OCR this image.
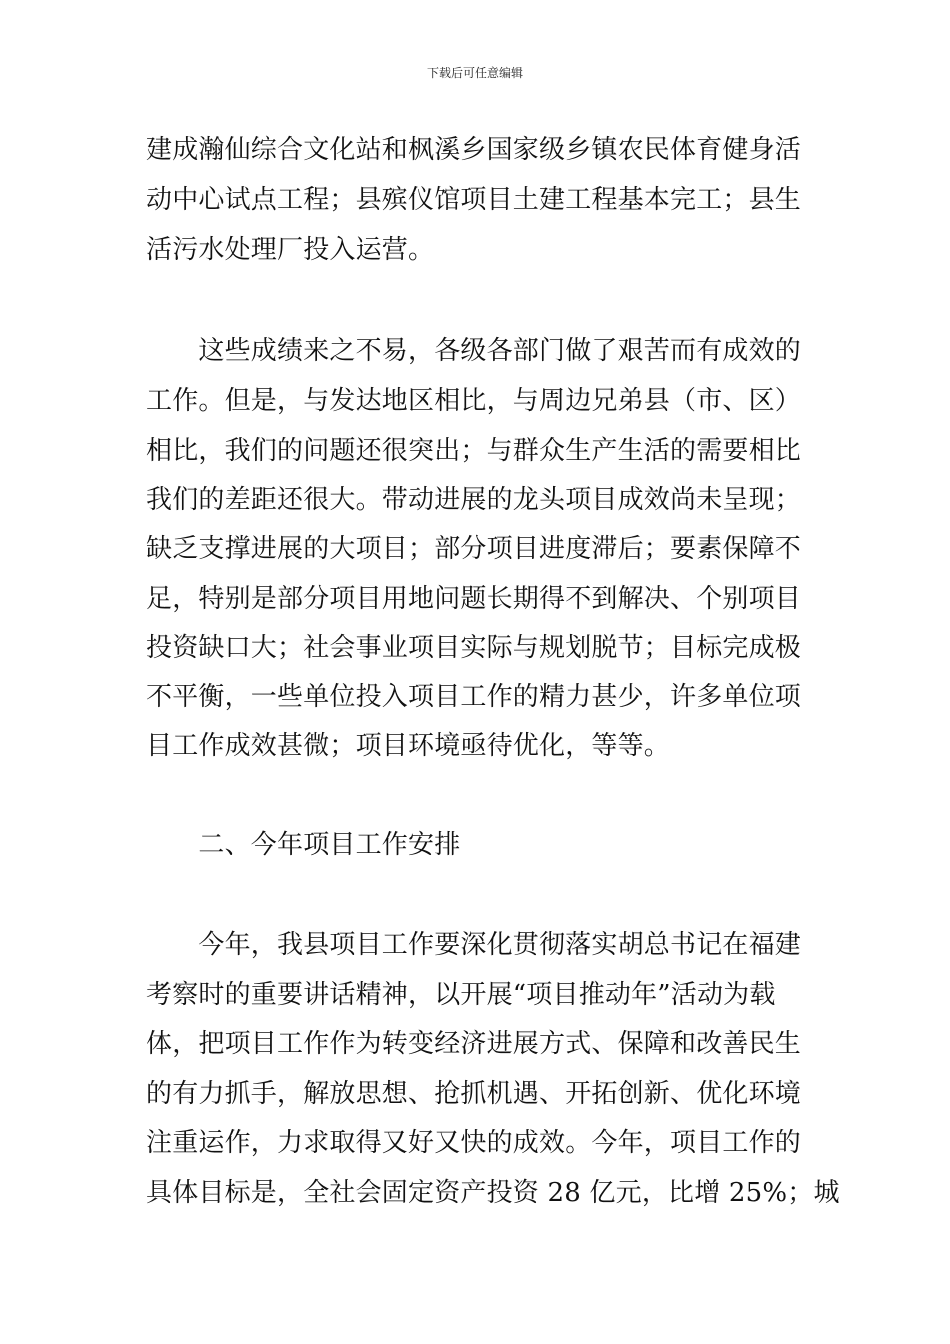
下载后可任意编辑
建成瀚仙综合文化站和枫溪乡国家级乡镇农民体育健身活
动中心试点工程；县殡仪馆项目土建工程基本完工；县生
活污水处理厂投入运营。
　　这些成绩来之不易，各级各部门做了艰苦而有成效的
工作。但是，与发达地区相比，与周边兄弟县（市、区）
相比，我们的问题还很突出；与群众生产生活的需要相比
我们的差距还很大。带动进展的龙头项目成效尚未呈现；
缺乏支撑进展的大项目；部分项目进度滞后；要素保障不
足，特别是部分项目用地问题长期得不到解决、个别项目
投资缺口大；社会事业项目实际与规划脱节；目标完成极
不平衡，一些单位投入项目工作的精力甚少，许多单位项
目工作成效甚微；项目环境亟待优化，等等。
　　二、今年项目工作安排
　　今年，我县项目工作要深化贯彻落实胡总书记在福建
考察时的重要讲话精神，以开展“项目推动年”活动为载
体，把项目工作作为转变经济进展方式、保障和改善民生
的有力抓手，解放思想、抢抓机遇、开拓创新、优化环境
注重运作，力求取得又好又快的成效。今年，项目工作的
具体目标是，全社会固定资产投资 28 亿元，比增 25%；城
